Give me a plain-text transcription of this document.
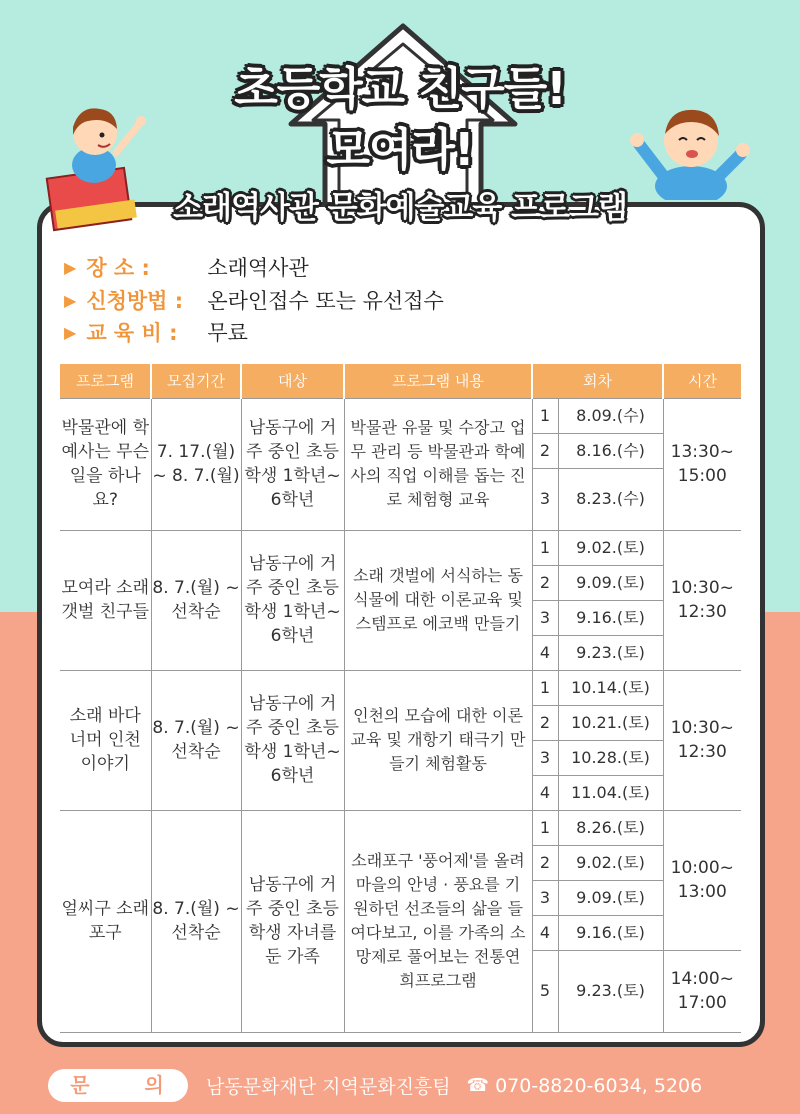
초등학교 친구들!
모여라!
소래역사관 문화예술교육 프로그램
▶ 장 소 :	소래역사관
▶ 신청방법 :	온라인접수 또는 유선접수
▶ 교 육 비 :	무료
프로그램	모집기간	대상	프로그램 내용	회차		시간
박물관에 학예사는 무슨 일을 하나요?	7. 17.(월) ~ 8. 7.(월)	남동구에 거주 중인 초등학생 1학년~ 6학년	박물관 유물 및 수장고 업무 관리 등 박물관과 학예사의 직업 이해를 돕는 진로 체험형 교육	1	8.09.(수)	13:30~ 15:00
				2	8.16.(수)	
				3	8.23.(수)	
모여라 소래 갯벌 친구들	8. 7.(월) ~ 선착순	남동구에 거주 중인 초등학생 1학년~ 6학년	소래 갯벌에 서식하는 동식물에 대한 이론교육 및 스템프로 에코백 만들기	1	9.02.(토)	10:30~ 12:30
				2	9.09.(토)	
				3	9.16.(토)	
				4	9.23.(토)	
소래 바다 너머 인천 이야기	8. 7.(월) ~ 선착순	남동구에 거주 중인 초등학생 1학년~ 6학년	인천의 모습에 대한 이론교육 및 개항기 태극기 만들기 체험활동	1	10.14.(토)	10:30~ 12:30
				2	10.21.(토)	
				3	10.28.(토)	
				4	11.04.(토)	
얼씨구 소래포구	8. 7.(월) ~ 선착순	남동구에 거주 중인 초등학생 자녀를 둔 가족	소래포구 '풍어제'를 올려 마을의 안녕 · 풍요를 기원하던 선조들의 삶을 들여다보고, 이를 가족의 소망제로 풀어보는 전통연희프로그램	1	8.26.(토)	10:00~ 13:00
				2	9.02.(토)	
				3	9.09.(토)	
				4	9.16.(토)	
				5	9.23.(토)	14:00~ 17:00
문 의 남동문화재단 지역문화진흥팀 ☎ 070-8820-6034, 5206
